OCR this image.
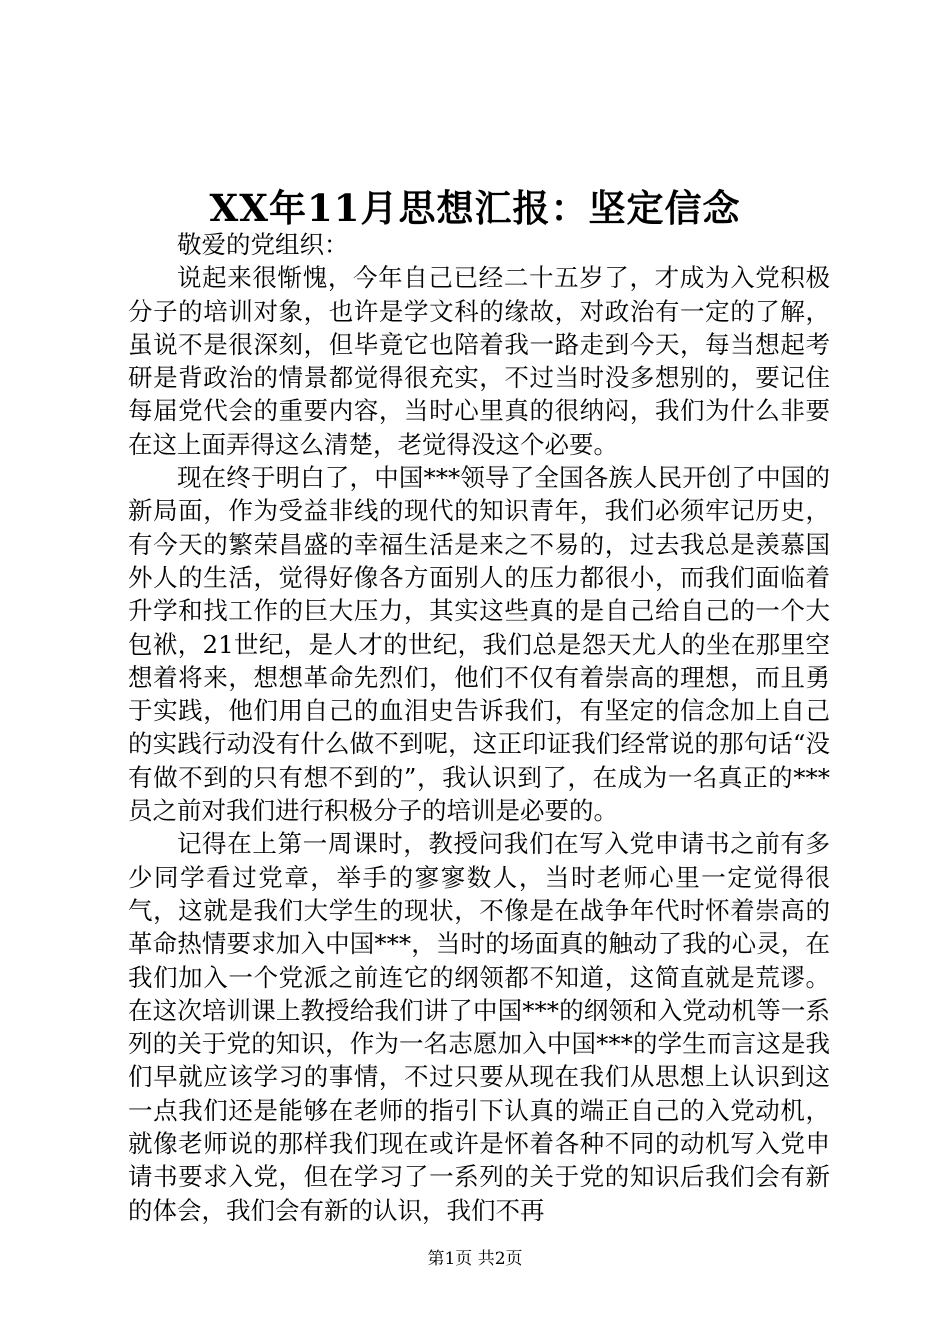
XX年11月思想汇报：坚定信念

敬爱的党组织：

说起来很惭愧，今年自己已经二十五岁了，才成为入党积极分子的培训对象，也许是学文科的缘故，对政治有一定的了解，虽说不是很深刻，但毕竟它也陪着我一路走到今天，每当想起考研是背政治的情景都觉得很充实，不过当时没多想别的，要记住每届党代会的重要内容，当时心里真的很纳闷，我们为什么非要在这上面弄得这么清楚，老觉得没这个必要。

现在终于明白了，中国***领导了全国各族人民开创了中国的新局面，作为受益非线的现代的知识青年，我们必须牢记历史，有今天的繁荣昌盛的幸福生活是来之不易的，过去我总是羡慕国外人的生活，觉得好像各方面别人的压力都很小，而我们面临着升学和找工作的巨大压力，其实这些真的是自己给自己的一个大包袱，21世纪，是人才的世纪，我们总是怨天尤人的坐在那里空想着将来，想想革命先烈们，他们不仅有着崇高的理想，而且勇于实践，他们用自己的血泪史告诉我们，有坚定的信念加上自己的实践行动没有什么做不到呢，这正印证我们经常说的那句话“没有做不到的只有想不到的”，我认识到了，在成为一名真正的***员之前对我们进行积极分子的培训是必要的。

记得在上第一周课时，教授问我们在写入党申请书之前有多少同学看过党章，举手的寥寥数人，当时老师心里一定觉得很气，这就是我们大学生的现状，不像是在战争年代时怀着崇高的革命热情要求加入中国***，当时的场面真的触动了我的心灵，在我们加入一个党派之前连它的纲领都不知道，这简直就是荒谬。在这次培训课上教授给我们讲了中国***的纲领和入党动机等一系列的关于党的知识，作为一名志愿加入中国***的学生而言这是我们早就应该学习的事情，不过只要从现在我们从思想上认识到这一点我们还是能够在老师的指引下认真的端正自己的入党动机，就像老师说的那样我们现在或许是怀着各种不同的动机写入党申请书要求入党，但在学习了一系列的关于党的知识后我们会有新的体会，我们会有新的认识，我们不再

第1页 共2页
